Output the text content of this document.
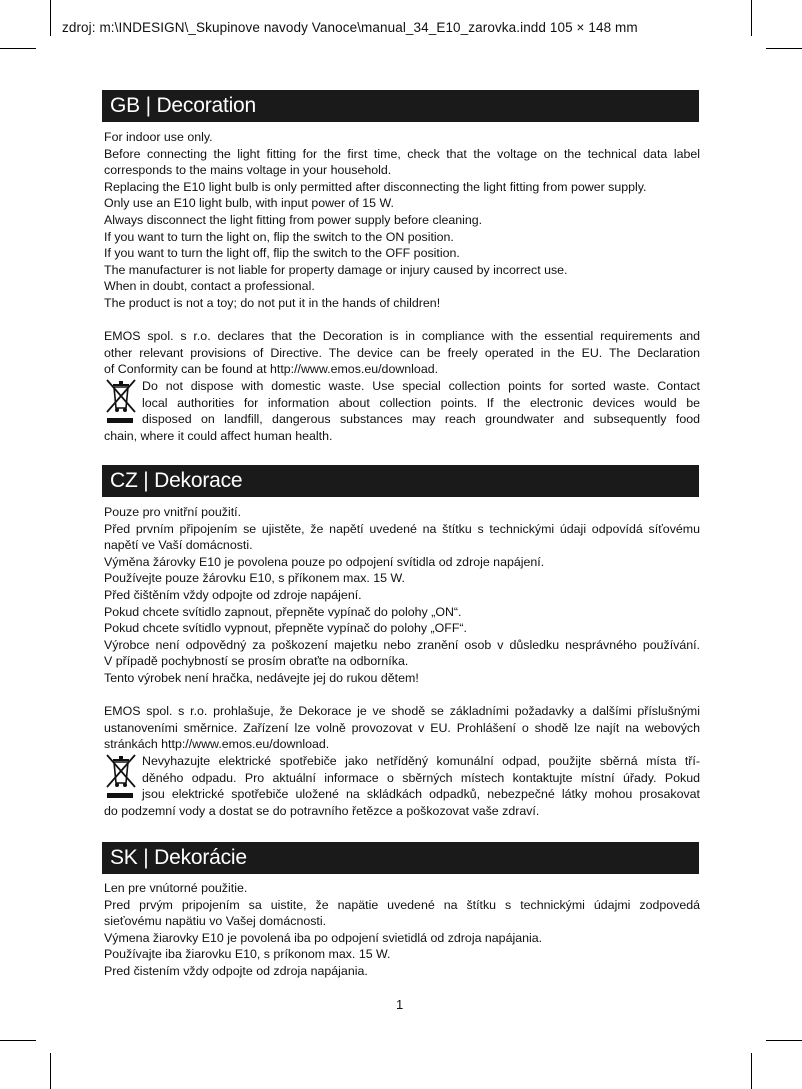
zdroj: m:\INDESIGN\_Skupinove navody Vanoce\manual_34_E10_zarovka.indd 105 × 148 mm
GB | Decoration
For indoor use only.
Before connecting the light fitting for the first time, check that the voltage on the technical data label
corresponds to the mains voltage in your household.
Replacing the E10 light bulb is only permitted after disconnecting the light fitting from power supply.
Only use an E10 light bulb, with input power of 15 W.
Always disconnect the light fitting from power supply before cleaning.
If you want to turn the light on, flip the switch to the ON position.
If you want to turn the light off, flip the switch to the OFF position.
The manufacturer is not liable for property damage or injury caused by incorrect use.
When in doubt, contact a professional.
The product is not a toy; do not put it in the hands of children!
EMOS spol. s r.o. declares that the Decoration is in compliance with the essential requirements and
other relevant provisions of Directive. The device can be freely operated in the EU. The Declaration
of Conformity can be found at http://www.emos.eu/download.
Do not dispose with domestic waste. Use special collection points for sorted waste. Contact
local authorities for information about collection points. If the electronic devices would be
disposed on landfill, dangerous substances may reach groundwater and subsequently food
chain, where it could affect human health.
CZ | Dekorace
Pouze pro vnitřní použití.
Před prvním připojením se ujistěte, že napětí uvedené na štítku s technickými údaji odpovídá síťovému
napětí ve Vaší domácnosti.
Výměna žárovky E10 je povolena pouze po odpojení svítidla od zdroje napájení.
Používejte pouze žárovku E10, s příkonem max. 15 W.
Před čištěním vždy odpojte od zdroje napájení.
Pokud chcete svítidlo zapnout, přepněte vypínač do polohy „ON“.
Pokud chcete svítidlo vypnout, přepněte vypínač do polohy „OFF“.
Výrobce není odpovědný za poškození majetku nebo zranění osob v důsledku nesprávného používání.
V případě pochybností se prosím obraťte na odborníka.
Tento výrobek není hračka, nedávejte jej do rukou dětem!
EMOS spol. s r.o. prohlašuje, že Dekorace je ve shodě se základními požadavky a dalšími příslušnými
ustanoveními směrnice. Zařízení lze volně provozovat v EU. Prohlášení o shodě lze najít na webových
stránkách http://www.emos.eu/download.
Nevyhazujte elektrické spotřebiče jako netříděný komunální odpad, použijte sběrná místa tří-
děného odpadu. Pro aktuální informace o sběrných místech kontaktujte místní úřady. Pokud
jsou elektrické spotřebiče uložené na skládkách odpadků, nebezpečné látky mohou prosakovat
do podzemní vody a dostat se do potravního řetězce a poškozovat vaše zdraví.
SK | Dekorácie
Len pre vnútorné použitie.
Pred prvým pripojením sa uistite, že napätie uvedené na štítku s technickými údajmi zodpovedá
sieťovému napätiu vo Vašej domácnosti.
Výmena žiarovky E10 je povolená iba po odpojení svietidlá od zdroja napájania.
Používajte iba žiarovku E10, s príkonom max. 15 W.
Pred čistením vždy odpojte od zdroja napájania.
1
